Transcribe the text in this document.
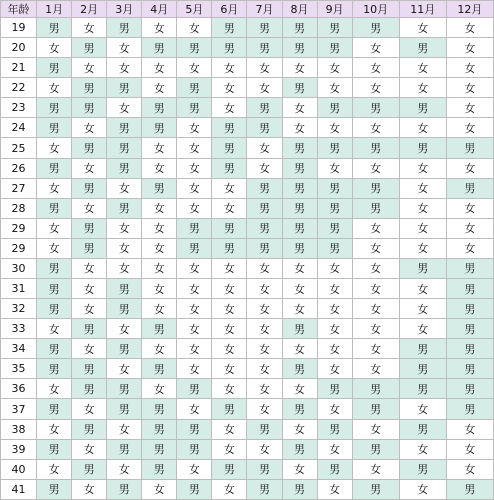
年龄	1月	2月	3月	4月	5月	6月	7月	8月	9月	10月	11月	12月
19	男	女	男	女	女	男	男	男	男	男	女	女
20	女	男	女	男	男	男	男	男	男	女	男	女
21	男	女	女	女	女	女	女	女	女	女	女	女
22	女	男	男	女	男	女	女	男	女	女	女	女
23	男	男	女	男	男	女	男	女	男	男	男	女
24	男	女	男	男	女	男	男	女	女	女	女	女
25	女	男	男	女	女	男	女	男	男	男	男	男
26	男	女	男	女	女	男	女	男	女	女	女	女
27	女	男	女	男	女	女	男	男	男	男	女	男
28	男	女	男	女	女	女	男	男	男	男	女	女
29	女	男	女	女	男	男	男	男	男	女	女	女
29	女	男	女	女	男	男	男	男	男	女	女	女
30	男	女	女	女	女	女	女	女	女	女	男	男
31	男	女	男	女	女	女	女	女	女	女	女	男
32	男	女	男	女	女	女	女	女	女	女	女	男
33	女	男	女	男	女	女	女	男	女	女	女	男
34	男	女	男	女	女	女	女	女	女	女	男	男
35	男	男	女	男	女	女	女	男	女	女	男	男
36	女	男	男	女	男	女	女	女	男	男	男	男
37	男	女	男	男	女	男	女	男	女	男	女	男
38	女	男	女	男	男	女	男	女	男	女	男	女
39	男	女	男	男	男	女	女	男	女	男	女	女
40	女	男	女	男	女	男	男	女	男	女	男	女
41	男	女	男	女	男	女	男	男	女	男	女	男
